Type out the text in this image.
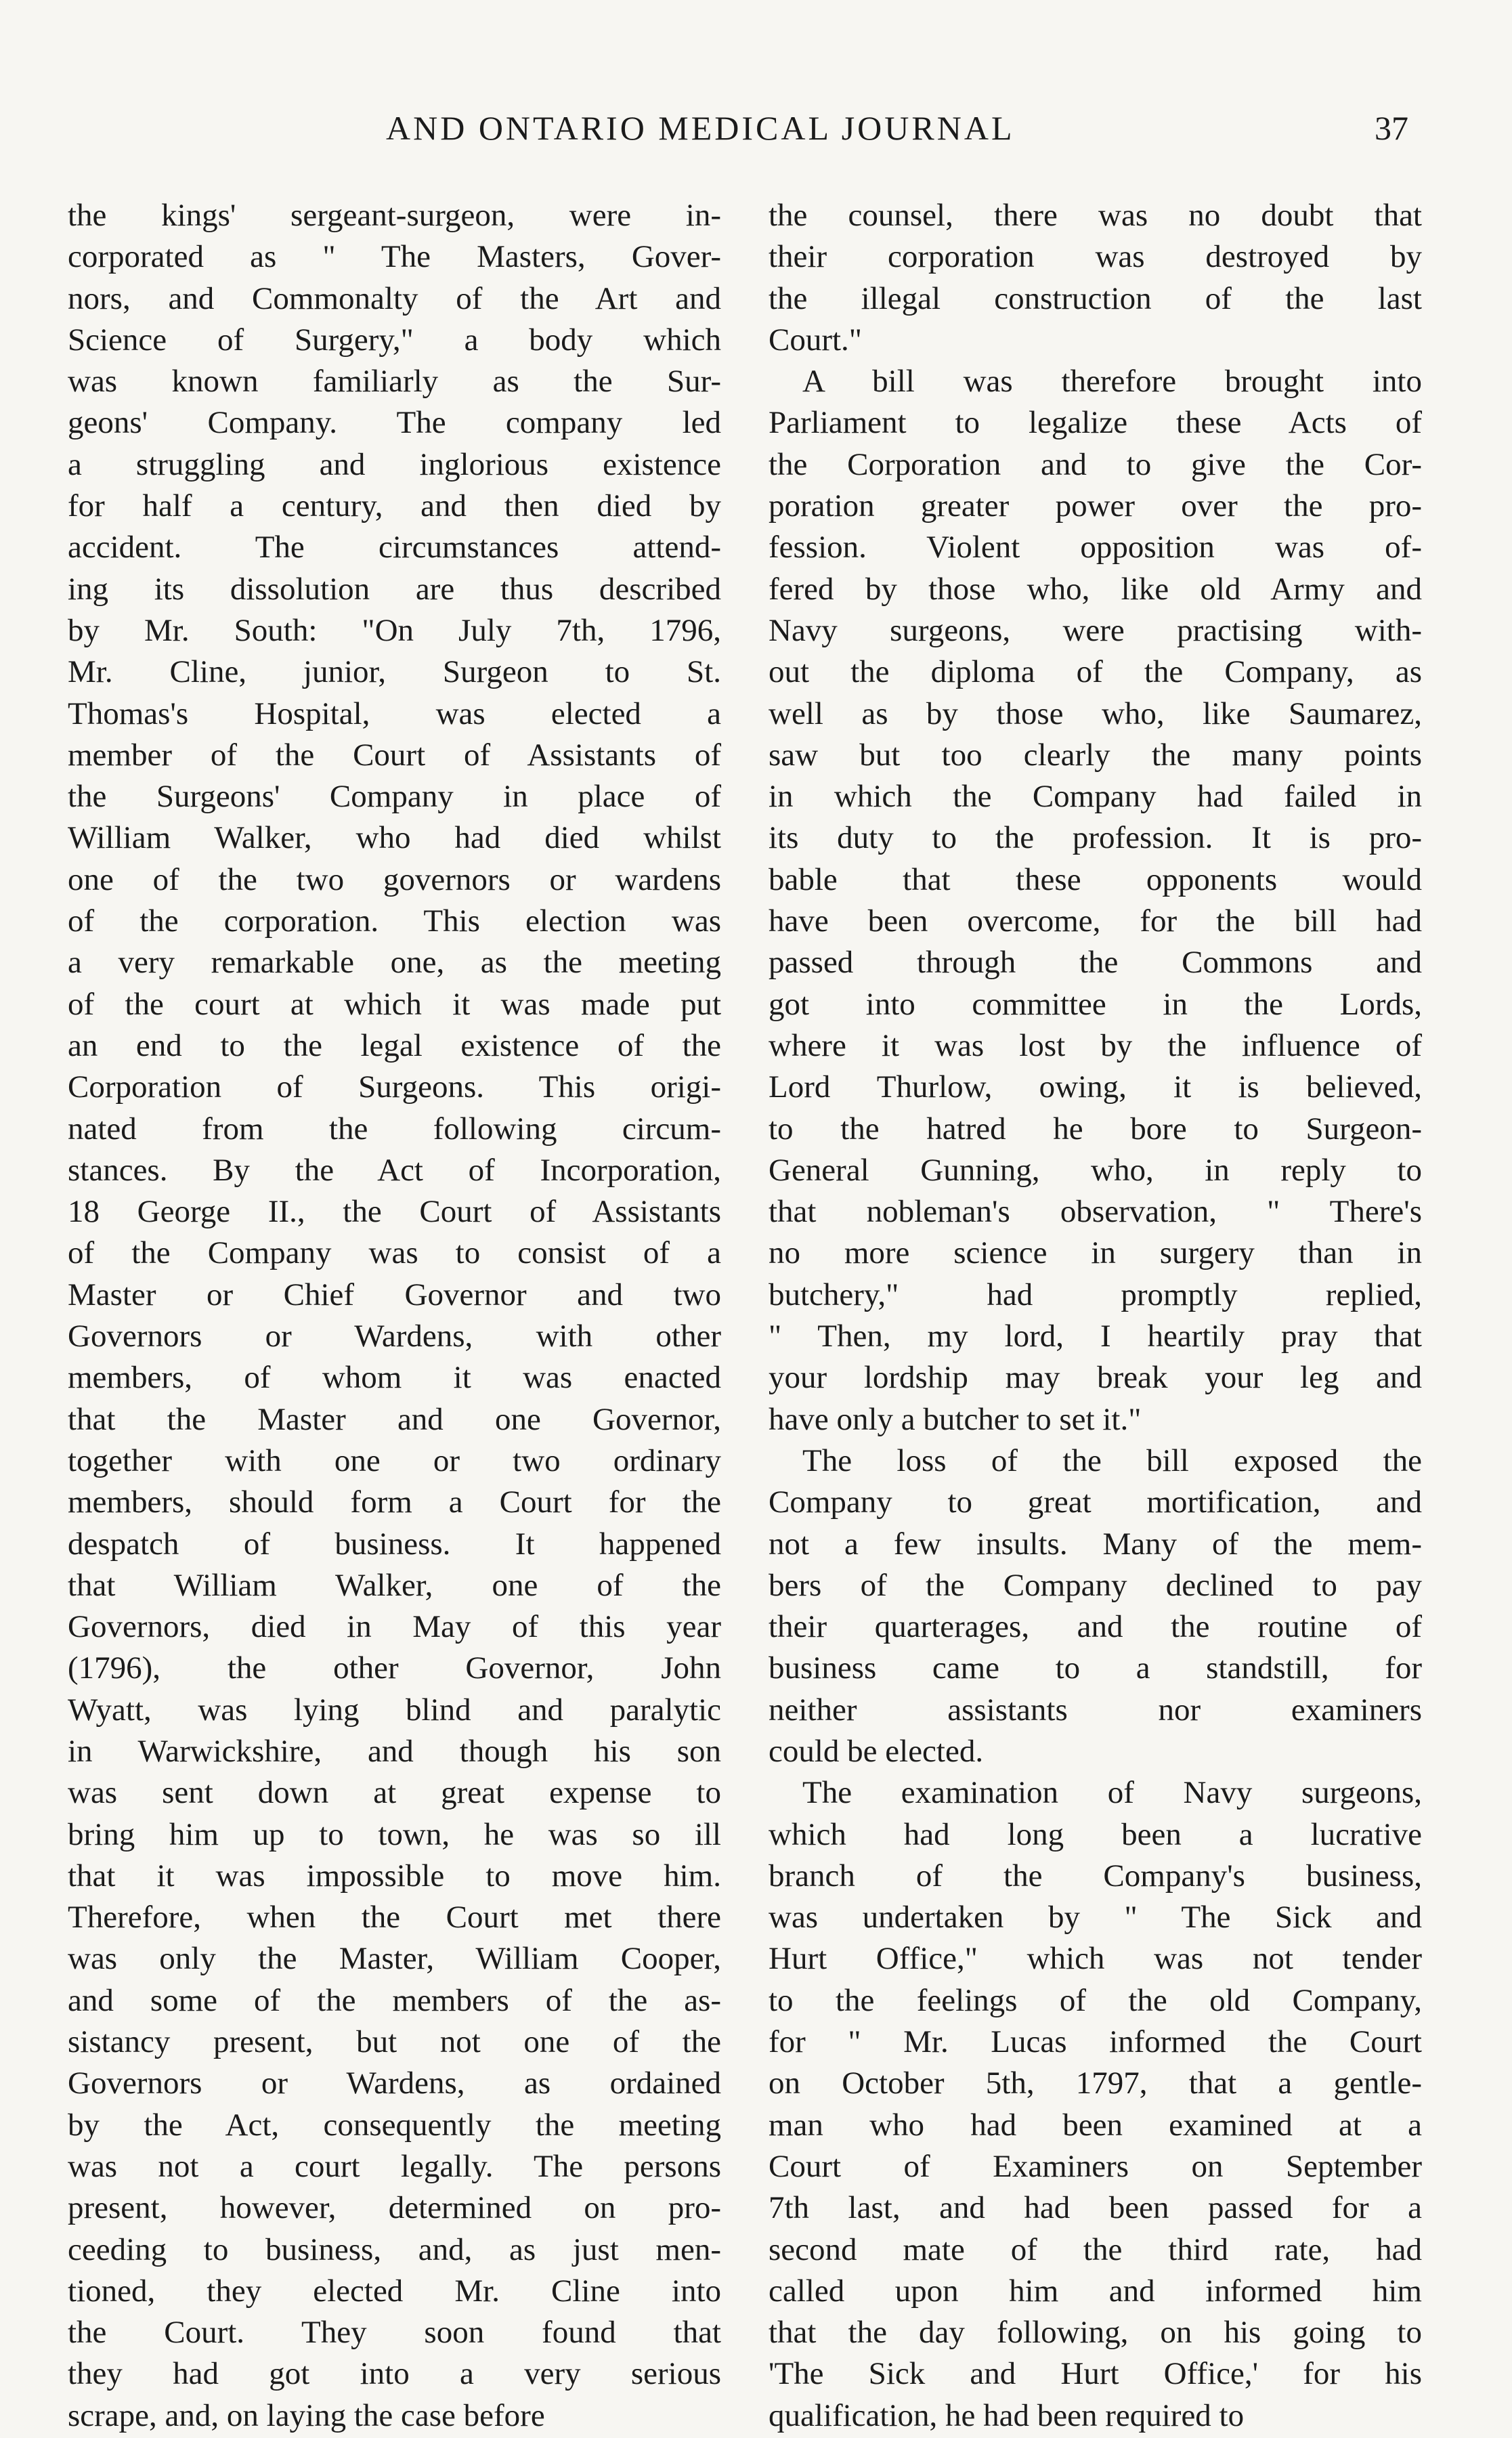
AND ONTARIO MEDICAL JOURNAL	37
the kings' sergeant-surgeon, were in-
corporated as " The Masters, Gover-
nors, and Commonalty of the Art and
Science of Surgery," a body which
was known familiarly as the Sur-
geons' Company. The company led
a struggling and inglorious existence
for half a century, and then died by
accident. The circumstances attend-
ing its dissolution are thus described
by Mr. South: "On July 7th, 1796,
Mr. Cline, junior, Surgeon to St.
Thomas's Hospital, was elected a
member of the Court of Assistants of
the Surgeons' Company in place of
William Walker, who had died whilst
one of the two governors or wardens
of the corporation. This election was
a very remarkable one, as the meeting
of the court at which it was made put
an end to the legal existence of the
Corporation of Surgeons. This origi-
nated from the following circum-
stances. By the Act of Incorporation,
18 George II., the Court of Assistants
of the Company was to consist of a
Master or Chief Governor and two
Governors or Wardens, with other
members, of whom it was enacted
that the Master and one Governor,
together with one or two ordinary
members, should form a Court for the
despatch of business. It happened
that William Walker, one of the
Governors, died in May of this year
(1796), the other Governor, John
Wyatt, was lying blind and paralytic
in Warwickshire, and though his son
was sent down at great expense to
bring him up to town, he was so ill
that it was impossible to move him.
Therefore, when the Court met there
was only the Master, William Cooper,
and some of the members of the as-
sistancy present, but not one of the
Governors or Wardens, as ordained
by the Act, consequently the meeting
was not a court legally. The persons
present, however, determined on pro-
ceeding to business, and, as just men-
tioned, they elected Mr. Cline into
the Court. They soon found that
they had got into a very serious
scrape, and, on laying the case before
the counsel, there was no doubt that
their corporation was destroyed by
the illegal construction of the last
Court."
A bill was therefore brought into
Parliament to legalize these Acts of
the Corporation and to give the Cor-
poration greater power over the pro-
fession. Violent opposition was of-
fered by those who, like old Army and
Navy surgeons, were practising with-
out the diploma of the Company, as
well as by those who, like Saumarez,
saw but too clearly the many points
in which the Company had failed in
its duty to the profession. It is pro-
bable that these opponents would
have been overcome, for the bill had
passed through the Commons and
got into committee in the Lords,
where it was lost by the influence of
Lord Thurlow, owing, it is believed,
to the hatred he bore to Surgeon-
General Gunning, who, in reply to
that nobleman's observation, " There's
no more science in surgery than in
butchery," had promptly replied,
" Then, my lord, I heartily pray that
your lordship may break your leg and
have only a butcher to set it."
The loss of the bill exposed the
Company to great mortification, and
not a few insults. Many of the mem-
bers of the Company declined to pay
their quarterages, and the routine of
business came to a standstill, for
neither assistants nor examiners
could be elected.
The examination of Navy surgeons,
which had long been a lucrative
branch of the Company's business,
was undertaken by " The Sick and
Hurt Office," which was not tender
to the feelings of the old Company,
for " Mr. Lucas informed the Court
on October 5th, 1797, that a gentle-
man who had been examined at a
Court of Examiners on September
7th last, and had been passed for a
second mate of the third rate, had
called upon him and informed him
that the day following, on his going to
'The Sick and Hurt Office,' for his
qualification, he had been required to
